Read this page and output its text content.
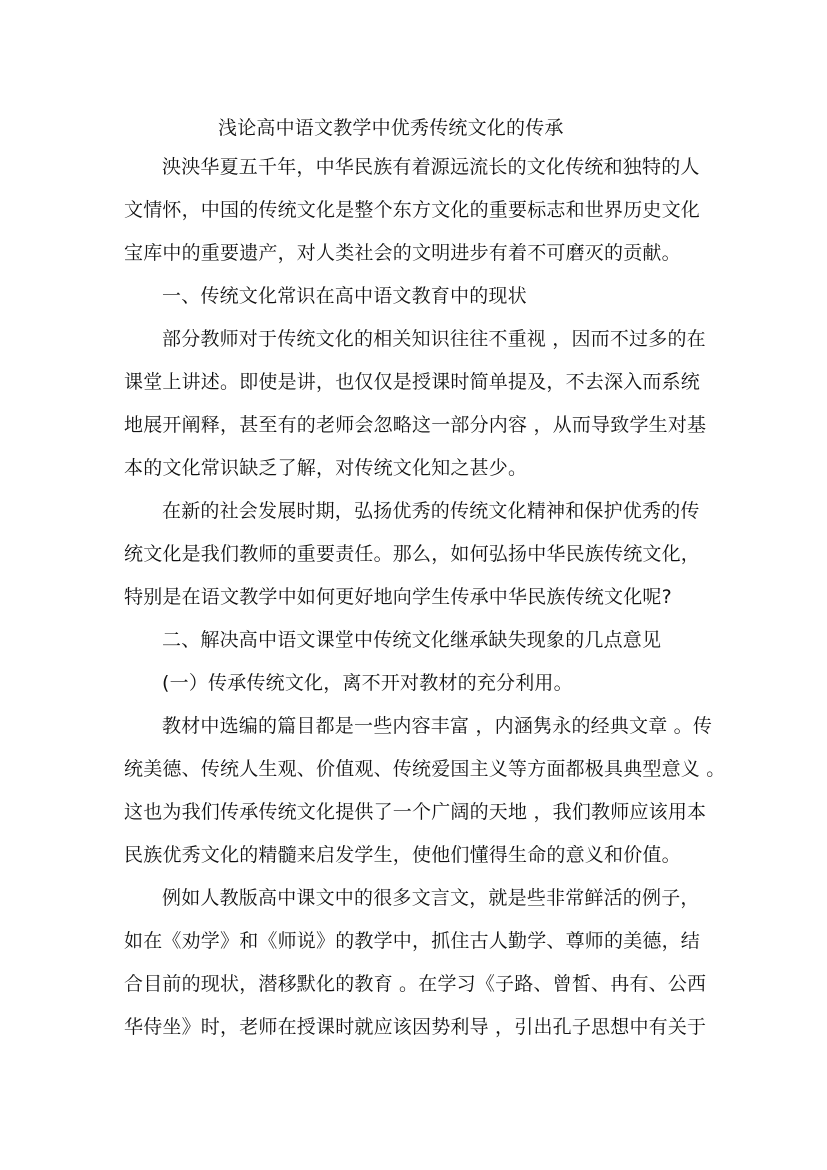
浅论高中语文教学中优秀传统文化的传承
泱泱华夏五千年，中华民族有着源远流长的文化传统和独特的人
文情怀，中国的传统文化是整个东方文化的重要标志和世界历史文化
宝库中的重要遗产，对人类社会的文明进步有着不可磨灭的贡献。
一、传统文化常识在高中语文教育中的现状
部分教师对于传统文化的相关知识往往不重视 ，因而不过多的在
课堂上讲述。即使是讲，也仅仅是授课时简单提及，不去深入而系统
地展开阐释，甚至有的老师会忽略这一部分内容 ，从而导致学生对基
本的文化常识缺乏了解，对传统文化知之甚少。
在新的社会发展时期，弘扬优秀的传统文化精神和保护优秀的传
统文化是我们教师的重要责任。那么，如何弘扬中华民族传统文化，
特别是在语文教学中如何更好地向学生传承中华民族传统文化呢?
二、解决高中语文课堂中传统文化继承缺失现象的几点意见
(一）传承传统文化，离不开对教材的充分利用。
教材中选编的篇目都是一些内容丰富 ，内涵隽永的经典文章 。传
统美德、传统人生观、价值观、传统爱国主义等方面都极具典型意义 。
这也为我们传承传统文化提供了一个广阔的天地 ，我们教师应该用本
民族优秀文化的精髓来启发学生，使他们懂得生命的意义和价值。
例如人教版高中课文中的很多文言文，就是些非常鲜活的例子，
如在《劝学》和《师说》的教学中，抓住古人勤学、尊师的美德，结
合目前的现状，潜移默化的教育 。在学习《子路、曾皙、冉有、公西
华侍坐》时，老师在授课时就应该因势利导 ，引出孔子思想中有关于
